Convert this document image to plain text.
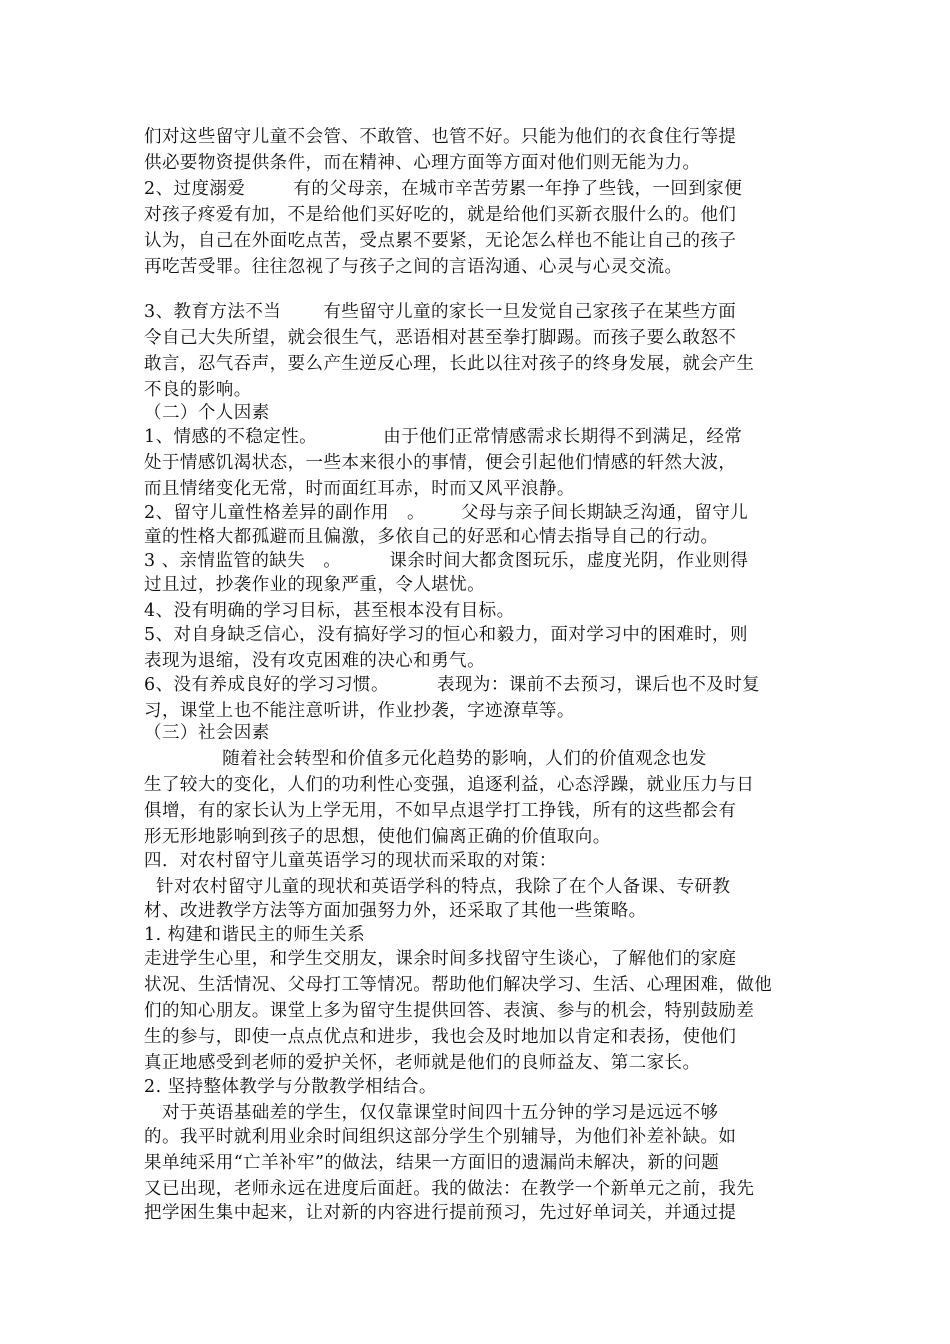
们对这些留守儿童不会管、不敢管、也管不好。只能为他们的衣食住行等提
供必要物资提供条件，而在精神、心理方面等方面对他们则无能为力。
2、过度溺爱        有的父母亲，在城市辛苦劳累一年挣了些钱，一回到家便
对孩子疼爱有加，不是给他们买好吃的，就是给他们买新衣服什么的。他们
认为，自己在外面吃点苦，受点累不要紧，无论怎么样也不能让自己的孩子
再吃苦受罪。往往忽视了与孩子之间的言语沟通、心灵与心灵交流。
3、教育方法不当       有些留守儿童的家长一旦发觉自己家孩子在某些方面
令自己大失所望，就会很生气，恶语相对甚至拳打脚踢。而孩子要么敢怒不
敢言，忍气吞声，要么产生逆反心理，长此以往对孩子的终身发展，就会产生
不良的影响。
（二）个人因素
1、情感的不稳定性。           由于他们正常情感需求长期得不到满足，经常
处于情感饥渴状态，一些本来很小的事情，便会引起他们情感的轩然大波，
而且情绪变化无常，时而面红耳赤，时而又风平浪静。
2、留守儿童性格差异的副作用   。      父母与亲子间长期缺乏沟通，留守儿
童的性格大都孤避而且偏激，多依自己的好恶和心情去指导自己的行动。
3 、亲情监管的缺失   。        课余时间大都贪图玩乐，虚度光阴，作业则得
过且过，抄袭作业的现象严重，令人堪忧。
4、没有明确的学习目标，甚至根本没有目标。
5、对自身缺乏信心，没有搞好学习的恒心和毅力，面对学习中的困难时，则
表现为退缩，没有攻克困难的决心和勇气。
6、没有养成良好的学习习惯。        表现为：课前不去预习，课后也不及时复
习，课堂上也不能注意听讲，作业抄袭，字迹潦草等。
（三）社会因素
随着社会转型和价值多元化趋势的影响，人们的价值观念也发
生了较大的变化，人们的功利性心变强，追逐利益，心态浮躁，就业压力与日
俱增，有的家长认为上学无用，不如早点退学打工挣钱，所有的这些都会有
形无形地影响到孩子的思想，使他们偏离正确的价值取向。
四．对农村留守儿童英语学习的现状而采取的对策：
针对农村留守儿童的现状和英语学科的特点，我除了在个人备课、专研教
材、改进教学方法等方面加强努力外，还采取了其他一些策略。
1. 构建和谐民主的师生关系
走进学生心里，和学生交朋友，课余时间多找留守生谈心，了解他们的家庭
状况、生活情况、父母打工等情况。帮助他们解决学习、生活、心理困难，做他
们的知心朋友。课堂上多为留守生提供回答、表演、参与的机会，特别鼓励差
生的参与，即使一点点优点和进步，我也会及时地加以肯定和表扬，使他们
真正地感受到老师的爱护关怀，老师就是他们的良师益友、第二家长。
2. 坚持整体教学与分散教学相结合。
对于英语基础差的学生，仅仅靠课堂时间四十五分钟的学习是远远不够
的。我平时就利用业余时间组织这部分学生个别辅导，为他们补差补缺。如
果单纯采用“亡羊补牢”的做法，结果一方面旧的遗漏尚未解决，新的问题
又已出现，老师永远在进度后面赶。我的做法：在教学一个新单元之前，我先
把学困生集中起来，让对新的内容进行提前预习，先过好单词关，并通过提
